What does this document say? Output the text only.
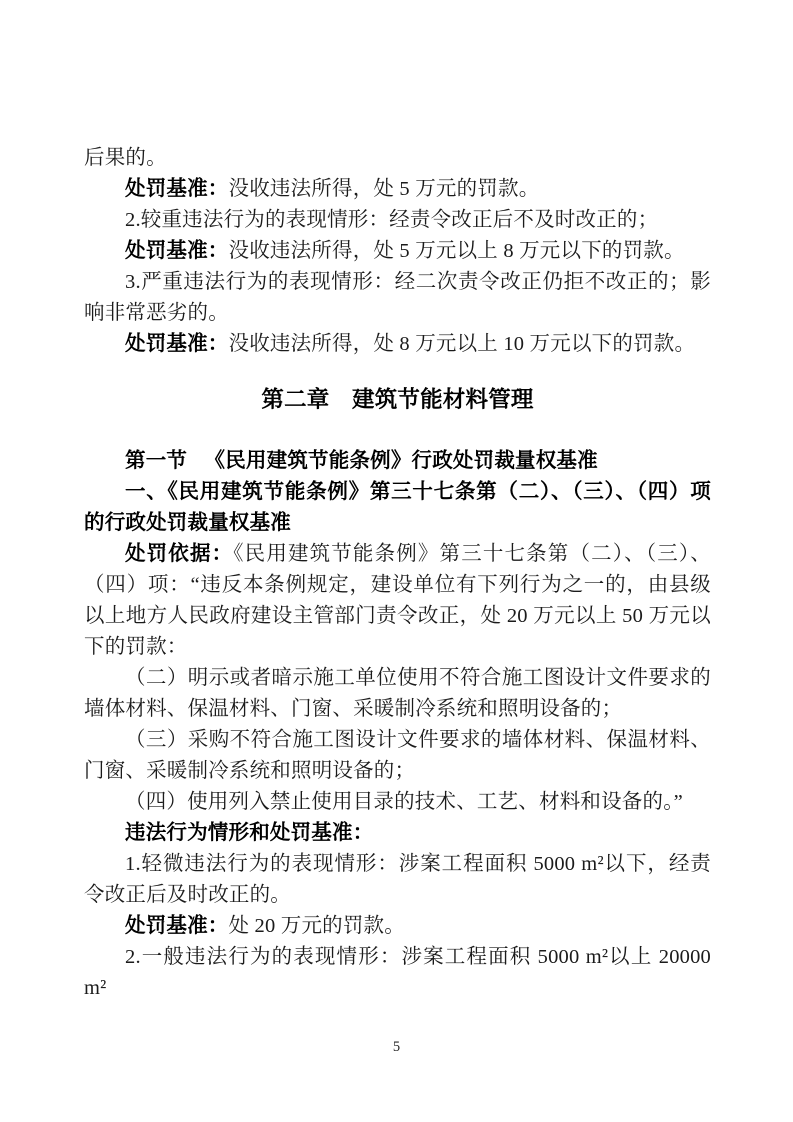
后果的。

处罚基准：没收违法所得，处 5 万元的罚款。

2.较重违法行为的表现情形：经责令改正后不及时改正的；

处罚基准：没收违法所得，处 5 万元以上 8 万元以下的罚款。

3.严重违法行为的表现情形：经二次责令改正仍拒不改正的；影响非常恶劣的。

处罚基准：没收违法所得，处 8 万元以上 10 万元以下的罚款。

第二章 建筑节能材料管理

第一节 《民用建筑节能条例》行政处罚裁量权基准

一、《民用建筑节能条例》第三十七条第（二）、（三）、（四）项的行政处罚裁量权基准

处罚依据：《民用建筑节能条例》第三十七条第（二）、（三）、（四）项：“违反本条例规定，建设单位有下列行为之一的，由县级以上地方人民政府建设主管部门责令改正，处 20 万元以上 50 万元以下的罚款：

（二）明示或者暗示施工单位使用不符合施工图设计文件要求的墙体材料、保温材料、门窗、采暖制冷系统和照明设备的；

（三）采购不符合施工图设计文件要求的墙体材料、保温材料、门窗、采暖制冷系统和照明设备的；

（四）使用列入禁止使用目录的技术、工艺、材料和设备的。”

违法行为情形和处罚基准：

1.轻微违法行为的表现情形：涉案工程面积 5000 m²以下，经责令改正后及时改正的。

处罚基准：处 20 万元的罚款。

2.一般违法行为的表现情形：涉案工程面积 5000 m²以上 20000 m²

5
